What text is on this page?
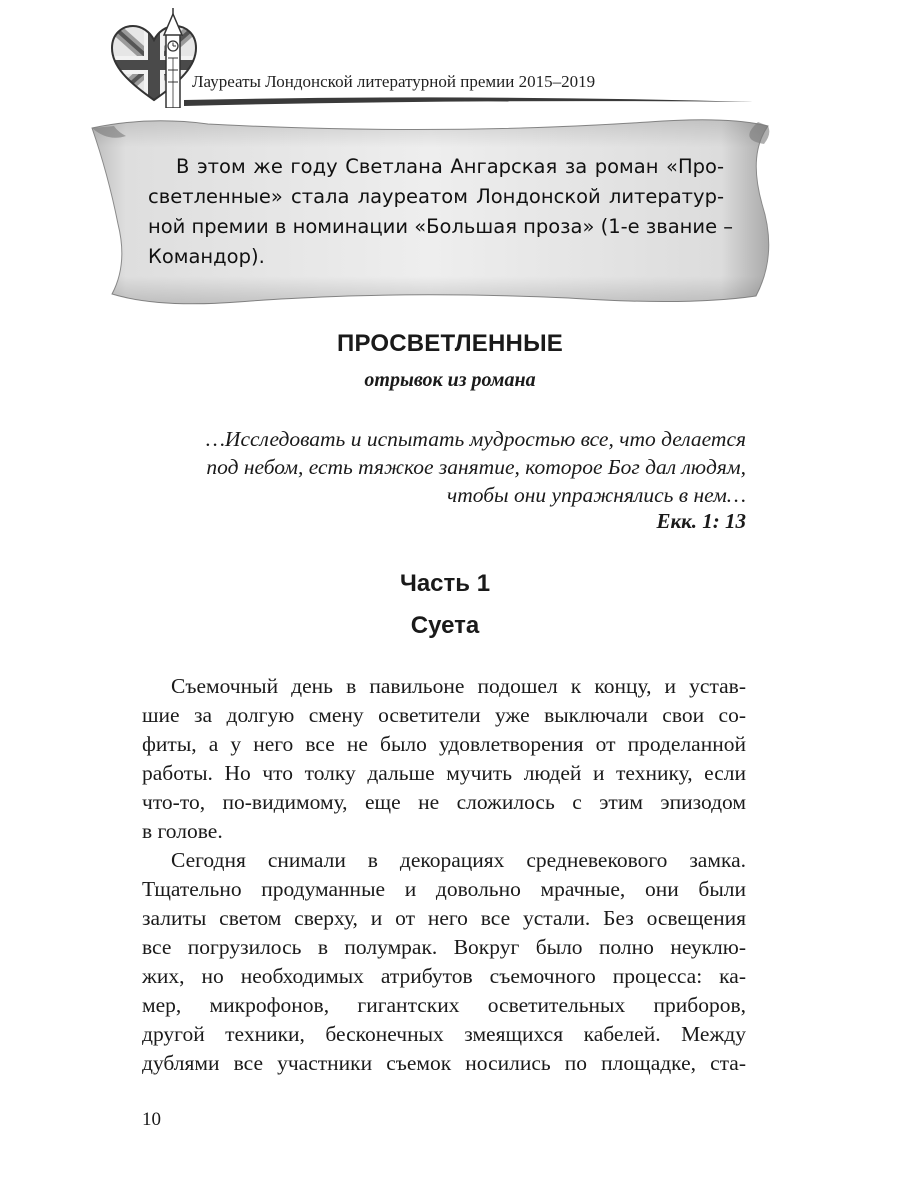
Лауреаты Лондонской литературной премии 2015–2019
В этом же году Светлана Ангарская за роман «Про-
светленные» стала лауреатом Лондонской литератур-
ной премии в номинации «Большая проза» (1-е звание –
Командор).
ПРОСВЕТЛЕННЫЕ
отрывок из романа
…Исследовать и испытать мудростью все, что делается
под небом, есть тяжкое занятие, которое Бог дал людям,
чтобы они упражнялись в нем…
Екк. 1: 13
Часть 1
Суета
Съемочный день в павильоне подошел к концу, и устав-
шие за долгую смену осветители уже выключали свои со-
фиты, а у него все не было удовлетворения от проделанной
работы. Но что толку дальше мучить людей и технику, если
что-то, по-видимому, еще не сложилось с этим эпизодом
в голове.
Сегодня снимали в декорациях средневекового замка.
Тщательно продуманные и довольно мрачные, они были
залиты светом сверху, и от него все устали. Без освещения
все погрузилось в полумрак. Вокруг было полно неуклю-
жих, но необходимых атрибутов съемочного процесса: ка-
мер, микрофонов, гигантских осветительных приборов,
другой техники, бесконечных змеящихся кабелей. Между
дублями все участники съемок носились по площадке, ста-
10
